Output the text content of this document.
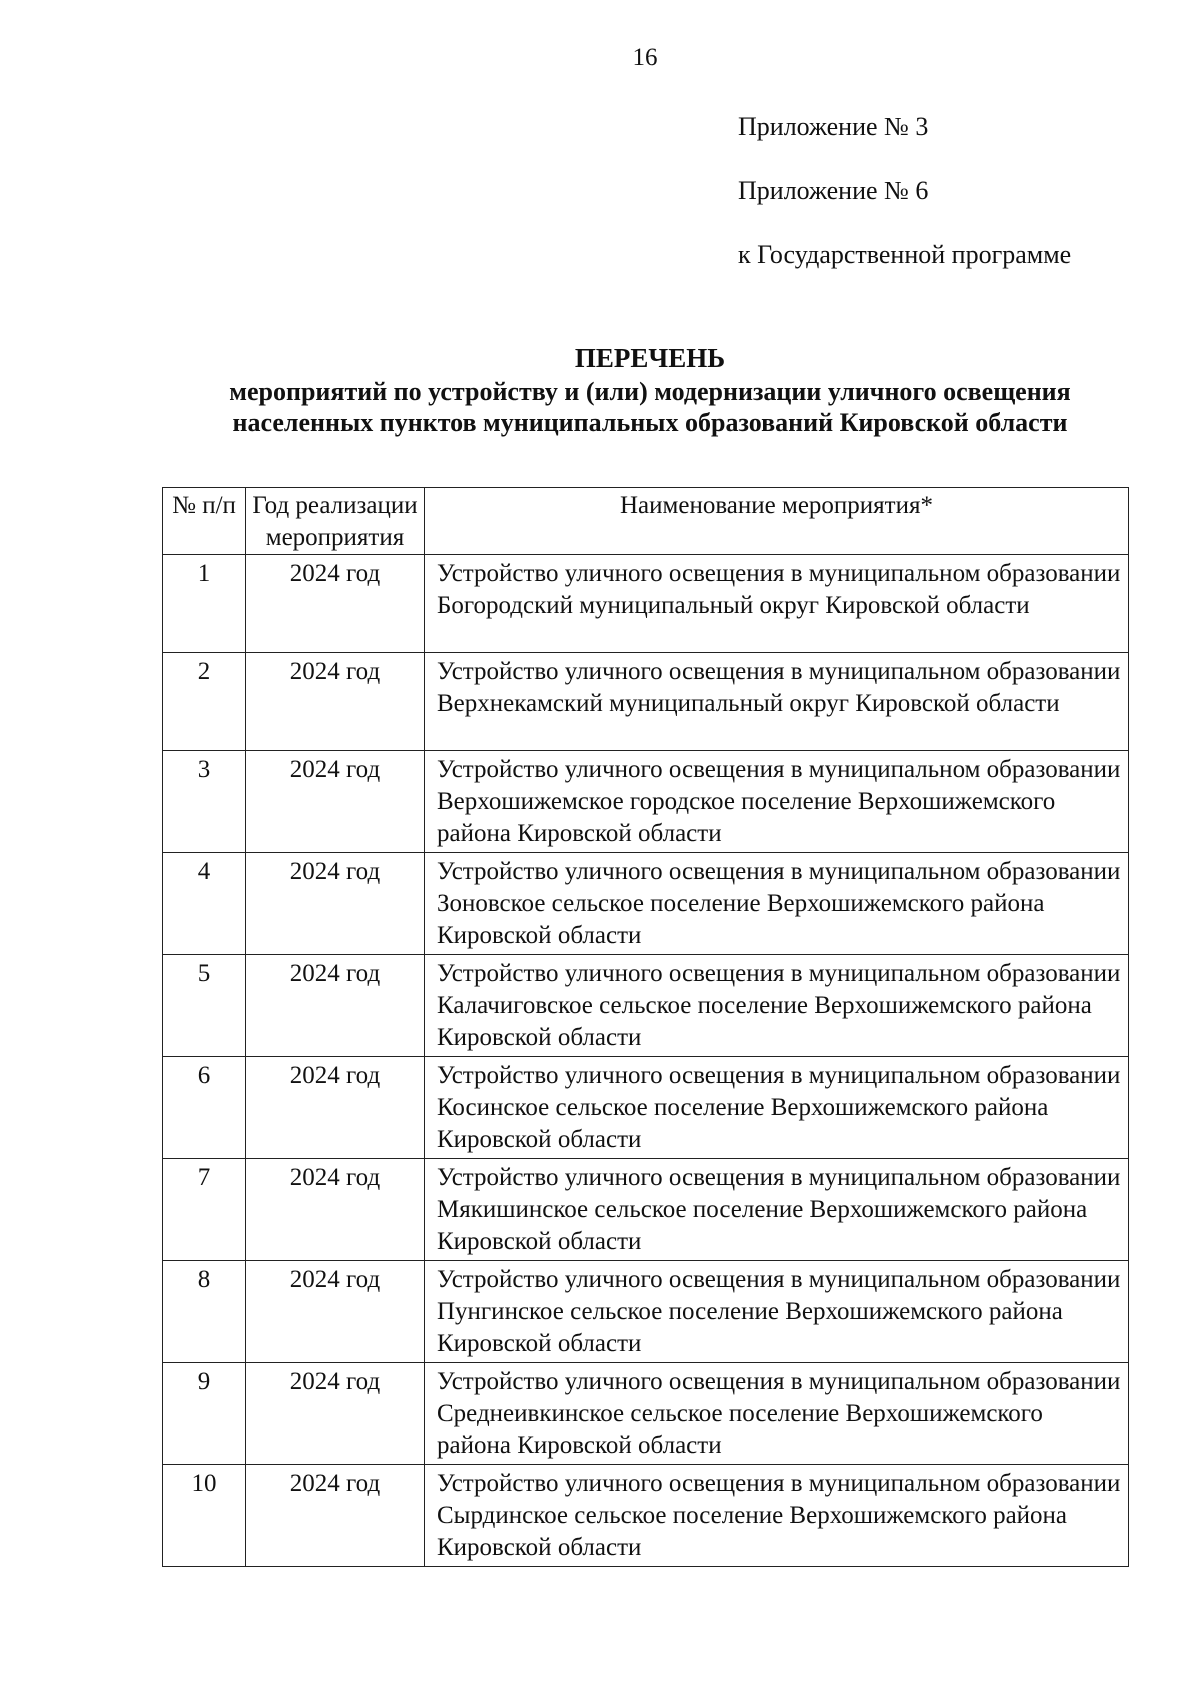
16
Приложение № 3
Приложение № 6
к Государственной программе
ПЕРЕЧЕНЬ
мероприятий по устройству и (или) модернизации уличного освещения
населенных пунктов муниципальных образований Кировской области
№ п/п	Год реализации мероприятия	Наименование мероприятия*
1	2024 год	Устройство уличного освещения в муниципальном образовании Богородский муниципальный округ Кировской области
2	2024 год	Устройство уличного освещения в муниципальном образовании Верхнекамский муниципальный округ Кировской области
3	2024 год	Устройство уличного освещения в муниципальном образовании Верхошижемское городское поселение Верхошижемского района Кировской области
4	2024 год	Устройство уличного освещения в муниципальном образовании Зоновское сельское поселение Верхошижемского района Кировской области
5	2024 год	Устройство уличного освещения в муниципальном образовании Калачиговское сельское поселение Верхошижемского района Кировской области
6	2024 год	Устройство уличного освещения в муниципальном образовании Косинское сельское поселение Верхошижемского района Кировской области
7	2024 год	Устройство уличного освещения в муниципальном образовании Мякишинское сельское поселение Верхошижемского района Кировской области
8	2024 год	Устройство уличного освещения в муниципальном образовании Пунгинское сельское поселение Верхошижемского района Кировской области
9	2024 год	Устройство уличного освещения в муниципальном образовании Среднеивкинское сельское поселение Верхошижемского района Кировской области
10	2024 год	Устройство уличного освещения в муниципальном образовании Сырдинское сельское поселение Верхошижемского района Кировской области
